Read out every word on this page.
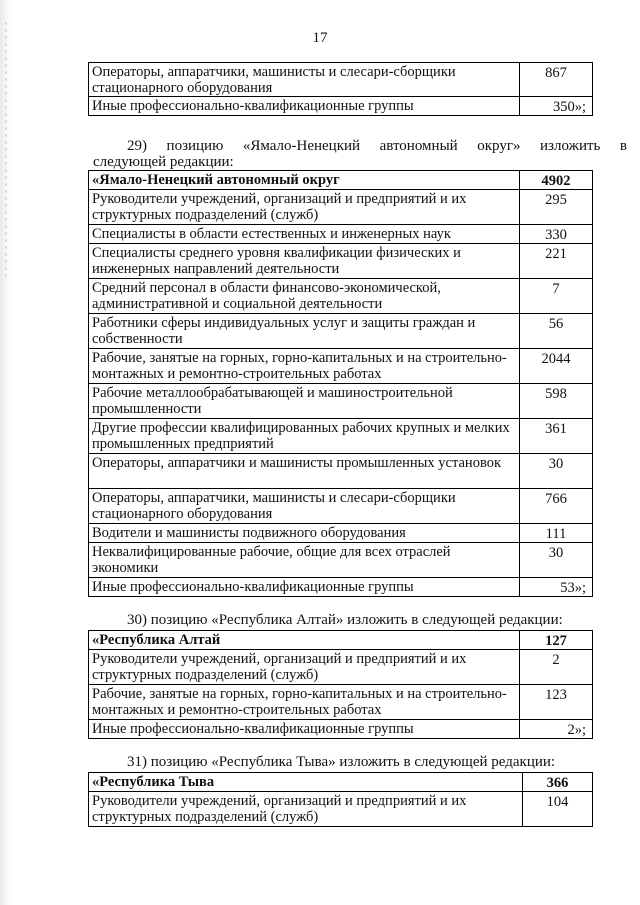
17
Операторы, аппаратчики, машинисты и слесари-сборщики стационарного оборудования	867
Иные профессионально-квалификационные группы	350»;
29) позицию «Ямало-Ненецкий автономный округ» изложить в
следующей редакции:
«Ямало-Ненецкий автономный округ	4902
Руководители учреждений, организаций и предприятий и их структурных подразделений (служб)	295
Специалисты в области естественных и инженерных наук	330
Специалисты среднего уровня квалификации физических и инженерных направлений деятельности	221
Средний персонал в области финансово-экономической, административной и социальной деятельности	7
Работники сферы индивидуальных услуг и защиты граждан и собственности	56
Рабочие, занятые на горных, горно-капитальных и на строительно-монтажных и ремонтно-строительных работах	2044
Рабочие металлообрабатывающей и машиностроительной промышленности	598
Другие профессии квалифицированных рабочих крупных и мелких промышленных предприятий	361
Операторы, аппаратчики и машинисты промышленных установок	30
Операторы, аппаратчики, машинисты и слесари-сборщики стационарного оборудования	766
Водители и машинисты подвижного оборудования	111
Неквалифицированные рабочие, общие для всех отраслей экономики	30
Иные профессионально-квалификационные группы	53»;
30) позицию «Республика Алтай» изложить в следующей редакции:
«Республика Алтай	127
Руководители учреждений, организаций и предприятий и их структурных подразделений (служб)	2
Рабочие, занятые на горных, горно-капитальных и на строительно-монтажных и ремонтно-строительных работах	123
Иные профессионально-квалификационные группы	2»;
31) позицию «Республика Тыва» изложить в следующей редакции:
«Республика Тыва	366
Руководители учреждений, организаций и предприятий и их структурных подразделений (служб)	104
